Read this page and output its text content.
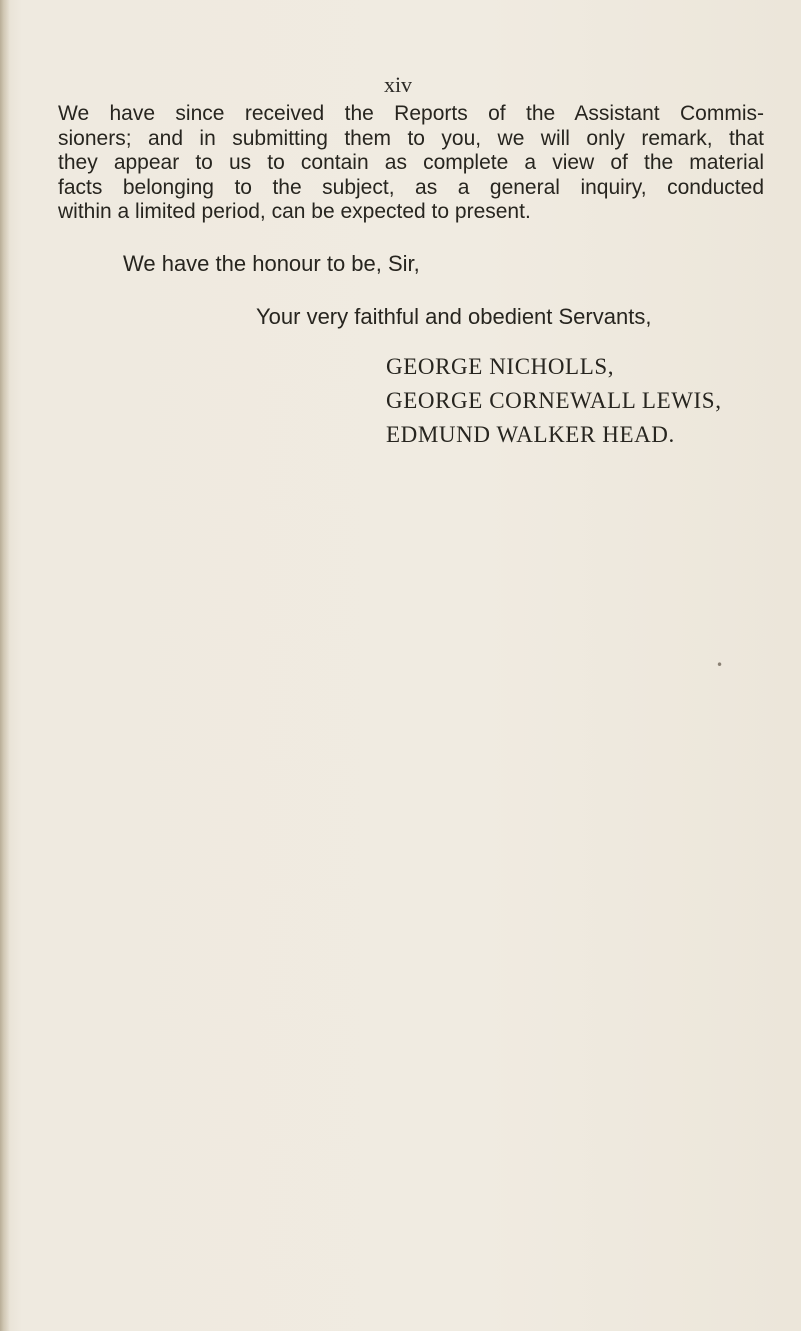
xiv
We have since received the Reports of the Assistant Commis-
sioners; and in submitting them to you, we will only remark, that
they appear to us to contain as complete a view of the material
facts belonging to the subject, as a general inquiry, conducted
within a limited period, can be expected to present.
We have the honour to be, Sir,
Your very faithful and obedient Servants,
GEORGE NICHOLLS,
GEORGE CORNEWALL LEWIS,
EDMUND WALKER HEAD.
•
